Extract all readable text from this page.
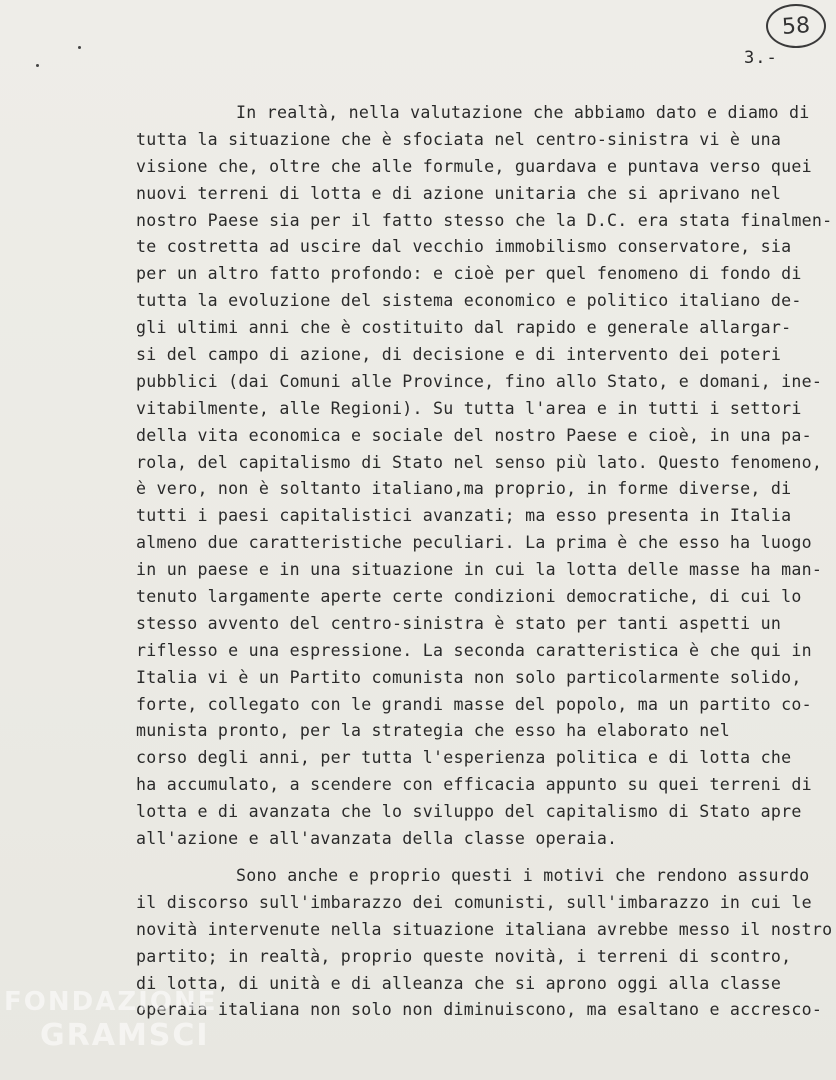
58
3.-
In realtà, nella valutazione che abbiamo dato e diamo di
tutta la situazione che è sfociata nel centro-sinistra vi è una
visione che, oltre che alle formule, guardava e puntava verso quei
nuovi terreni di lotta e di azione unitaria che si aprivano nel
nostro Paese sia per il fatto stesso che la D.C. era stata finalmen-
te costretta ad uscire dal vecchio immobilismo conservatore, sia
per un altro fatto profondo: e cioè per quel fenomeno di fondo di
tutta la evoluzione del sistema economico e politico italiano de-
gli ultimi anni che è costituito dal rapido e generale allargar-
si del campo di azione, di decisione e di intervento dei poteri
pubblici (dai Comuni alle Province, fino allo Stato, e domani, ine-
vitabilmente, alle Regioni). Su tutta l'area e in tutti i settori
della vita economica e sociale del nostro Paese e cioè, in una pa-
rola, del capitalismo di Stato nel senso più lato. Questo fenomeno,
è vero, non è soltanto italiano,ma proprio, in forme diverse, di
tutti i paesi capitalistici avanzati; ma esso presenta in Italia
almeno due caratteristiche peculiari. La prima è che esso ha luogo
in un paese e in una situazione in cui la lotta delle masse ha man-
tenuto largamente aperte certe condizioni democratiche, di cui lo
stesso avvento del centro-sinistra è stato per tanti aspetti un
riflesso e una espressione. La seconda caratteristica è che qui in
Italia vi è un Partito comunista non solo particolarmente solido,
forte, collegato con le grandi masse del popolo, ma un partito co-
munista pronto, per la strategia che esso ha elaborato nel
corso degli anni, per tutta l'esperienza politica e di lotta che
ha accumulato, a scendere con efficacia appunto su quei terreni di
lotta e di avanzata che lo sviluppo del capitalismo di Stato apre
all'azione e all'avanzata della classe operaia.
Sono anche e proprio questi i motivi che rendono assurdo
il discorso sull'imbarazzo dei comunisti, sull'imbarazzo in cui le
novità intervenute nella situazione italiana avrebbe messo il nostro
partito; in realtà, proprio queste novità, i terreni di scontro,
di lotta, di unità e di alleanza che si aprono oggi alla classe
operaia italiana non solo non diminuiscono, ma esaltano e accresco-
FONDAZIONE
GRAMSCI
